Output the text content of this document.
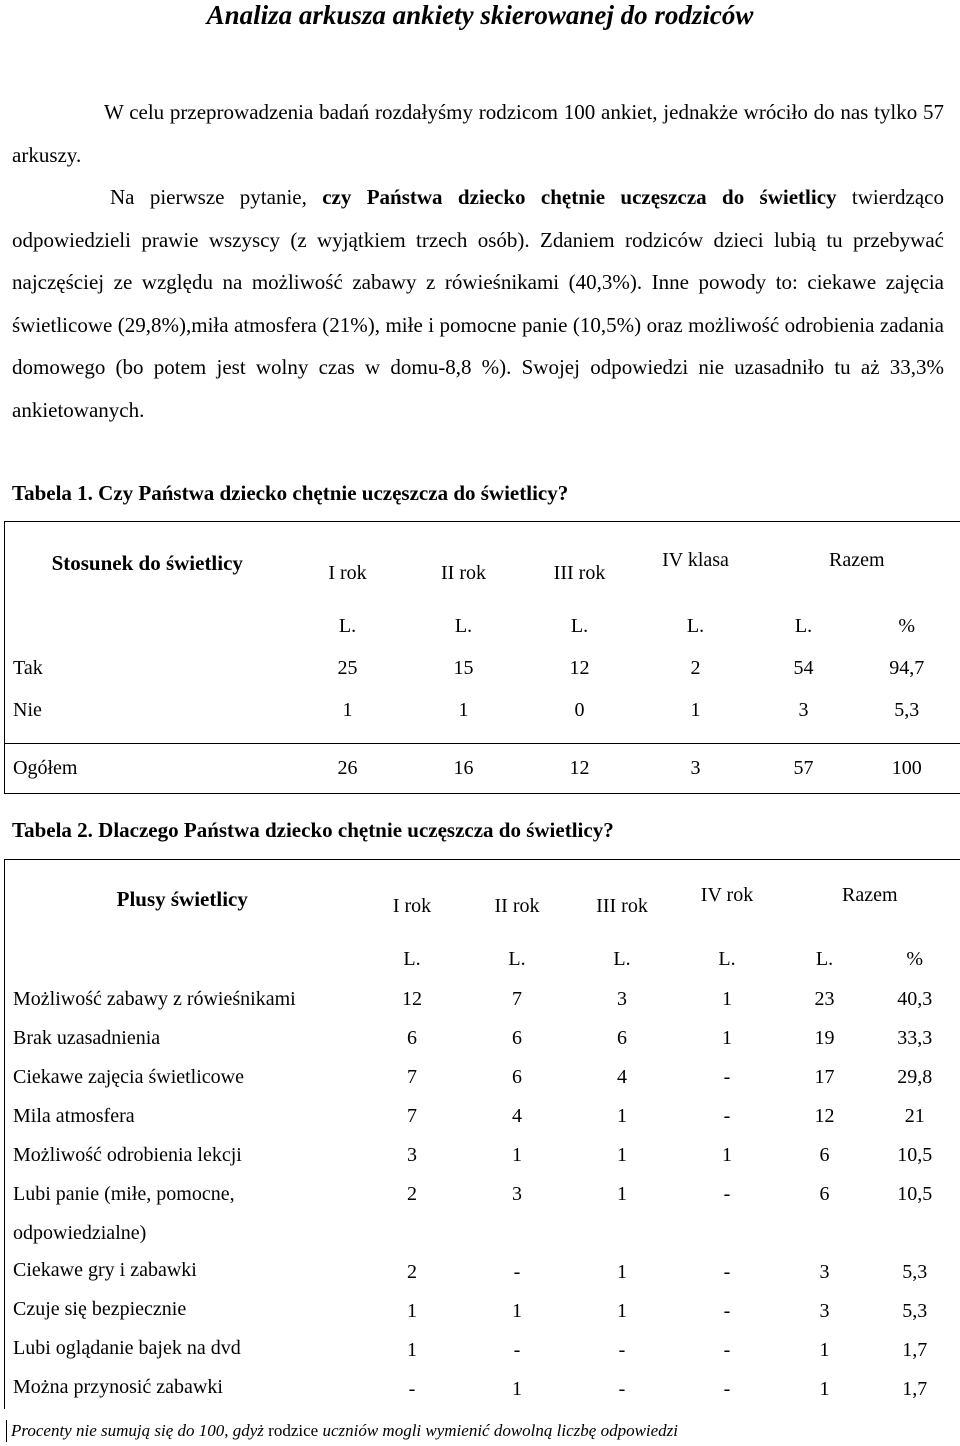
Analiza arkusza ankiety skierowanej do rodziców

W celu przeprowadzenia badań rozdałyśmy rodzicom 100 ankiet, jednakże wróciło do nas tylko 57 arkuszy.

Na pierwsze pytanie, czy Państwa dziecko chętnie uczęszcza do świetlicy twierdząco odpowiedzieli prawie wszyscy (z wyjątkiem trzech osób). Zdaniem rodziców dzieci lubią tu przebywać najczęściej ze względu na możliwość zabawy z rówieśnikami (40,3%). Inne powody to: ciekawe zajęcia świetlicowe (29,8%),miła atmosfera (21%), miłe i pomocne panie (10,5%) oraz możliwość odrobienia zadania domowego (bo potem jest wolny czas w domu-8,8 %). Swojej odpowiedzi nie uzasadniło tu aż 33,3% ankietowanych.

Tabela 1. Czy Państwa dziecko chętnie uczęszcza do świetlicy?
Stosunek do świetlicy	I rok	II rok	III rok	IV klasa	Razem	
	L.	L.	L.	L.	L.	%
Tak	25	15	12	2	54	94,7
Nie	1	1	0	1	3	5,3

Ogółem	26	16	12	3	57	100
Tabela 2. Dlaczego Państwa dziecko chętnie uczęszcza do świetlicy?
Plusy świetlicy	I rok	II rok	III rok	IV rok	Razem	
	L.	L.	L.	L.	L.	%
Możliwość zabawy z rówieśnikami	12	7	3	1	23	40,3
Brak uzasadnienia	6	6	6	1	19	33,3
Ciekawe zajęcia świetlicowe	7	6	4	-	17	29,8
Mila atmosfera	7	4	1	-	12	21
Możliwość odrobienia lekcji	3	1	1	1	6	10,5
Lubi panie (miłe, pomocne,	2	3	1	-	6	10,5
odpowiedzialne)						
Ciekawe gry i zabawki	2	-	1	-	3	5,3
Czuje się bezpiecznie	1	1	1	-	3	5,3
Lubi oglądanie bajek na dvd	1	-	-	-	1	1,7
Można przynosić zabawki	-	1	-	-	1	1,7
Procenty nie sumują się do 100, gdyż rodzice uczniów mogli wymienić dowolną liczbę odpowiedzi
